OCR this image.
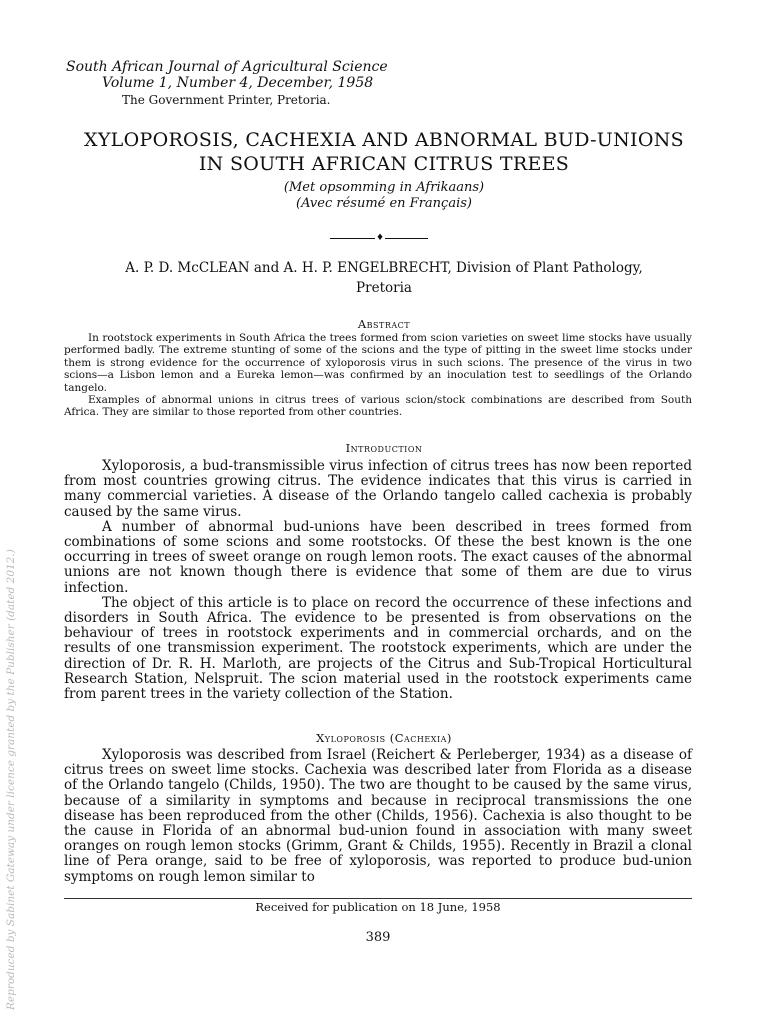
South African Journal of Agricultural Science
Volume 1, Number 4, December, 1958
The Government Printer, Pretoria.
XYLOPOROSIS, CACHEXIA AND ABNORMAL BUD-UNIONS
IN SOUTH AFRICAN CITRUS TREES
(Met opsomming in Afrikaans)
(Avec résumé en Français)
♦
A. P. D. McCLEAN and A. H. P. ENGELBRECHT, Division of Plant Pathology,
Pretoria
Abstract

In rootstock experiments in South Africa the trees formed from scion varieties on sweet lime stocks have usually performed badly. The extreme stunting of some of the scions and the type of pitting in the sweet lime stocks under them is strong evidence for the occurrence of xyloporosis virus in such scions. The presence of the virus in two scions—a Lisbon lemon and a Eureka lemon—was confirmed by an inoculation test to seedlings of the Orlando tangelo.

Examples of abnormal unions in citrus trees of various scion/stock combinations are described from South Africa. They are similar to those reported from other countries.

Introduction

Xyloporosis, a bud-transmissible virus infection of citrus trees has now been reported from most countries growing citrus. The evidence indicates that this virus is carried in many commercial varieties. A disease of the Orlando tangelo called cachexia is probably caused by the same virus.

A number of abnormal bud-unions have been described in trees formed from combinations of some scions and some rootstocks. Of these the best known is the one occurring in trees of sweet orange on rough lemon roots. The exact causes of the abnormal unions are not known though there is evidence that some of them are due to virus infection.

The object of this article is to place on record the occurrence of these infections and disorders in South Africa. The evidence to be presented is from observations on the behaviour of trees in rootstock experiments and in commercial orchards, and on the results of one transmission experiment. The rootstock experiments, which are under the direction of Dr. R. H. Marloth, are projects of the Citrus and Sub-Tropical Horticultural Research Station, Nelspruit. The scion material used in the rootstock experiments came from parent trees in the variety collection of the Station.

Xyloporosis (Cachexia)

Xyloporosis was described from Israel (Reichert & Perleberger, 1934) as a disease of citrus trees on sweet lime stocks. Cachexia was described later from Florida as a disease of the Orlando tangelo (Childs, 1950). The two are thought to be caused by the same virus, because of a similarity in symptoms and because in reciprocal transmissions the one disease has been reproduced from the other (Childs, 1956). Cachexia is also thought to be the cause in Florida of an abnormal bud-union found in association with many sweet oranges on rough lemon stocks (Grimm, Grant & Childs, 1955). Recently in Brazil a clonal line of Pera orange, said to be free of xyloporosis, was reported to produce bud-union symptoms on rough lemon similar to

Received for publication on 18 June, 1958
389
Reproduced by Sabinet Gateway under licence granted by the Publisher (dated 2012.)
